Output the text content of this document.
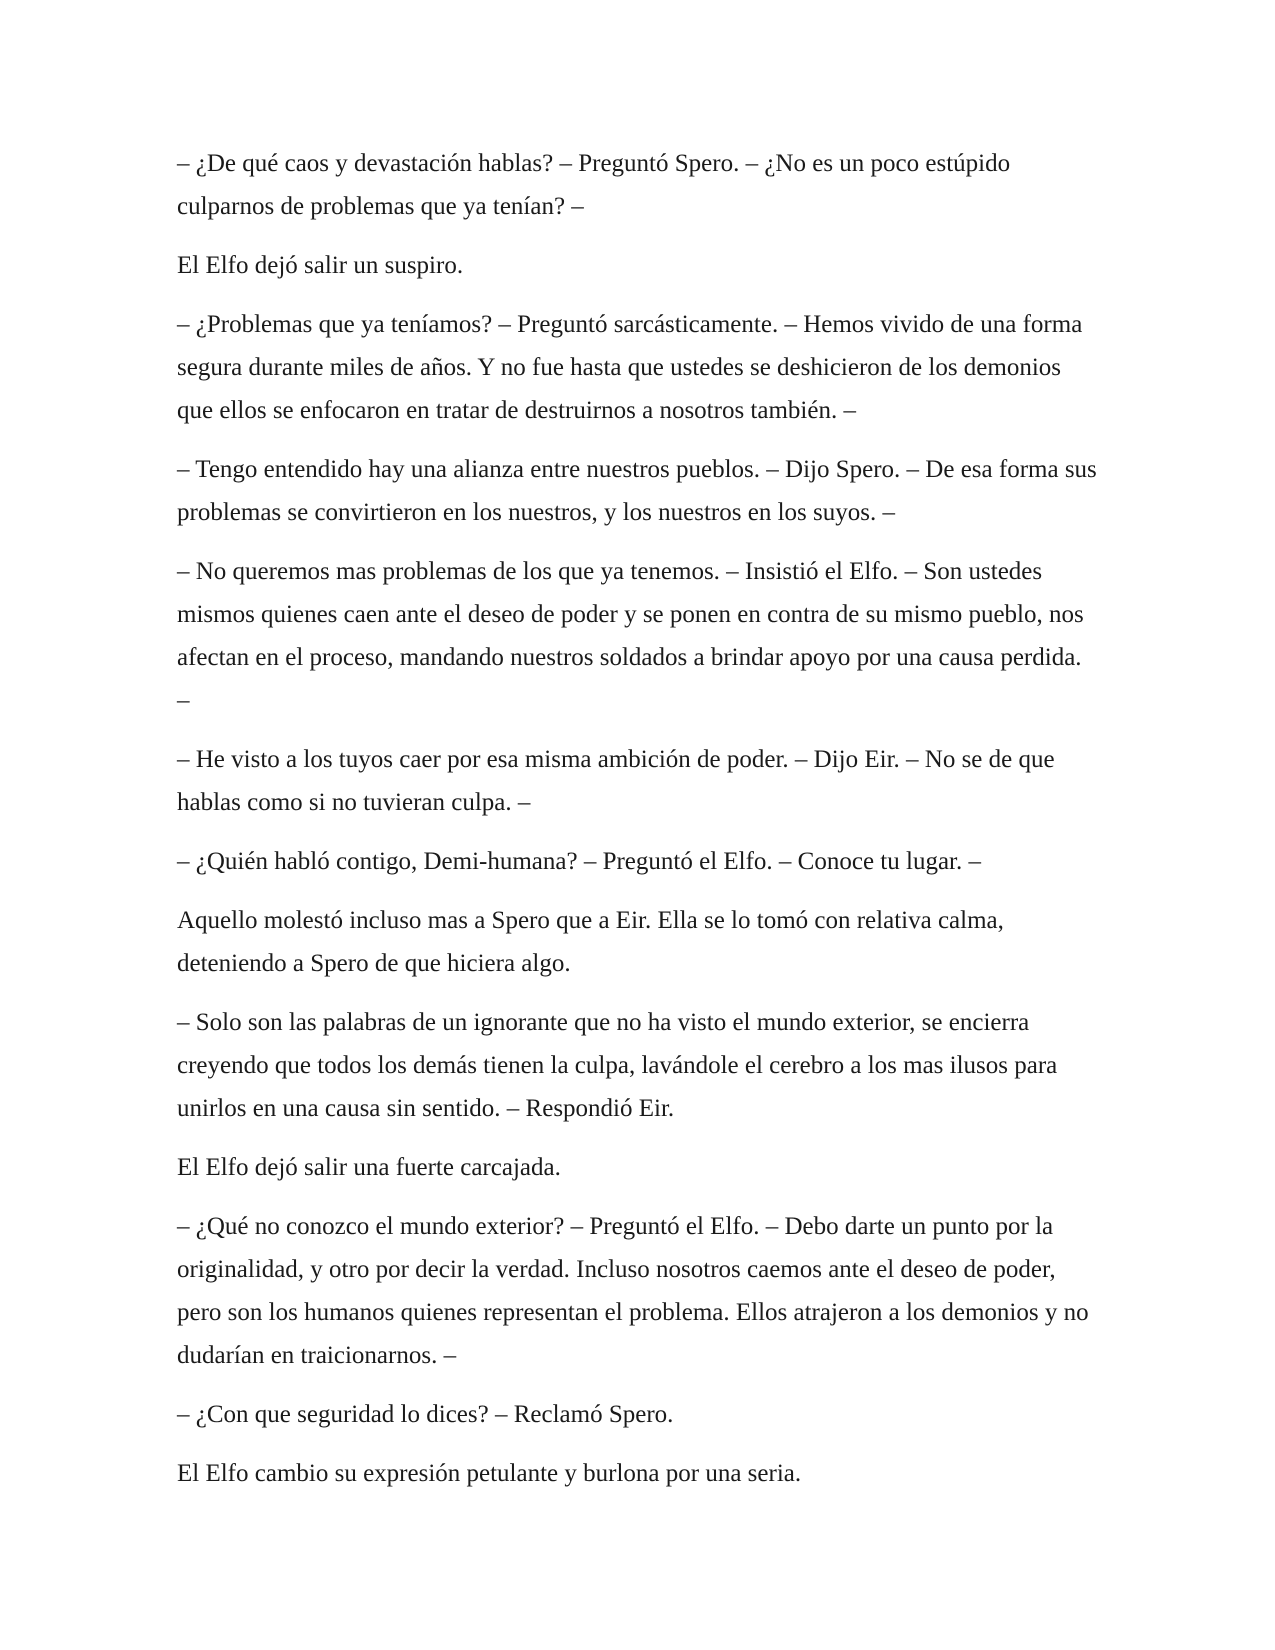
– ¿De qué caos y devastación hablas? – Preguntó Spero. – ¿No es un poco estúpido culparnos de problemas que ya tenían? –

El Elfo dejó salir un suspiro.

– ¿Problemas que ya teníamos? – Preguntó sarcásticamente. – Hemos vivido de una forma segura durante miles de años. Y no fue hasta que ustedes se deshicieron de los demonios que ellos se enfocaron en tratar de destruirnos a nosotros también. –

– Tengo entendido hay una alianza entre nuestros pueblos. – Dijo Spero. – De esa forma sus problemas se convirtieron en los nuestros, y los nuestros en los suyos. –

– No queremos mas problemas de los que ya tenemos. – Insistió el Elfo. – Son ustedes mismos quienes caen ante el deseo de poder y se ponen en contra de su mismo pueblo, nos afectan en el proceso, mandando nuestros soldados a brindar apoyo por una causa perdida. –

– He visto a los tuyos caer por esa misma ambición de poder. – Dijo Eir. – No se de que hablas como si no tuvieran culpa. –

– ¿Quién habló contigo, Demi-humana? – Preguntó el Elfo. – Conoce tu lugar. –

Aquello molestó incluso mas a Spero que a Eir. Ella se lo tomó con relativa calma, deteniendo a Spero de que hiciera algo.

– Solo son las palabras de un ignorante que no ha visto el mundo exterior, se encierra creyendo que todos los demás tienen la culpa, lavándole el cerebro a los mas ilusos para unirlos en una causa sin sentido. – Respondió Eir.

El Elfo dejó salir una fuerte carcajada.

– ¿Qué no conozco el mundo exterior? – Preguntó el Elfo. – Debo darte un punto por la originalidad, y otro por decir la verdad. Incluso nosotros caemos ante el deseo de poder, pero son los humanos quienes representan el problema. Ellos atrajeron a los demonios y no dudarían en traicionarnos. –

– ¿Con que seguridad lo dices? – Reclamó Spero.

El Elfo cambio su expresión petulante y burlona por una seria.
